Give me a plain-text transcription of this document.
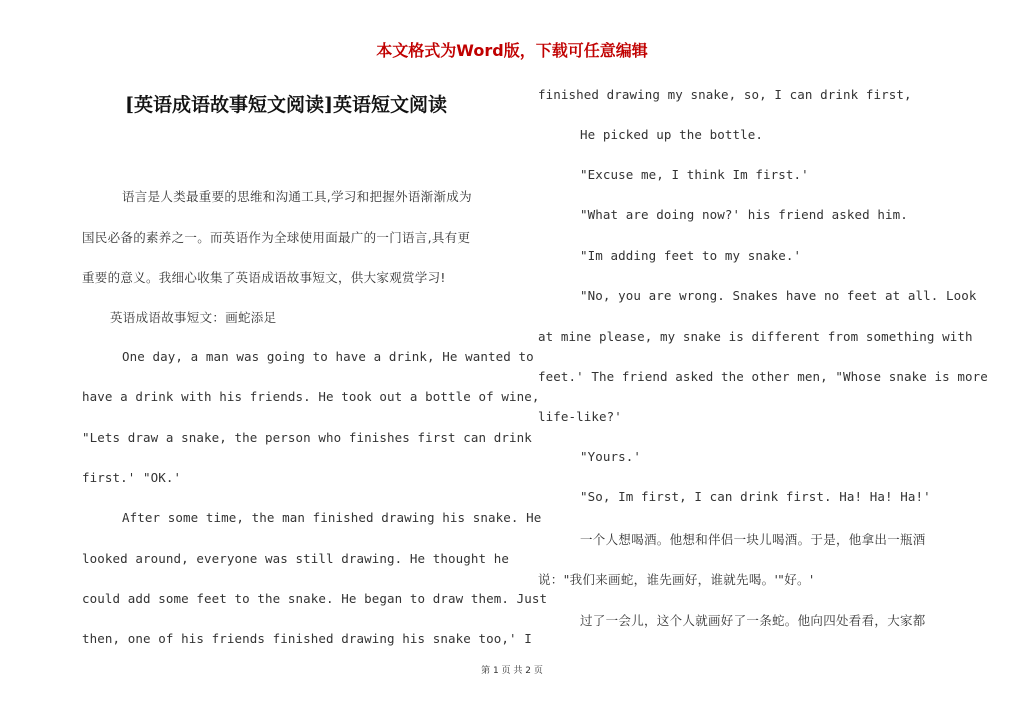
本文格式为Word版，下载可任意编辑
[英语成语故事短文阅读]英语短文阅读
语言是人类最重要的思维和沟通工具,学习和把握外语渐渐成为
国民必备的素养之一。而英语作为全球使用面最广的一门语言,具有更
重要的意义。我细心收集了英语成语故事短文，供大家观赏学习!
英语成语故事短文：画蛇添足
One day, a man was going to have a drink, He wanted to
have a drink with his friends. He took out a bottle of wine,
"Lets draw a snake, the person who finishes first can drink
first.' "OK.'
After some time, the man finished drawing his snake. He
looked around, everyone was still drawing. He thought he
could add some feet to the snake. He began to draw them. Just
then, one of his friends finished drawing his snake too,' I
finished drawing my snake, so, I can drink first,
He picked up the bottle.
"Excuse me, I think Im first.'
"What are doing now?' his friend asked him.
"Im adding feet to my snake.'
"No, you are wrong. Snakes have no feet at all. Look
at mine please, my snake is different from something with
feet.' The friend asked the other men, "Whose snake is more
life-like?'
"Yours.'
"So, Im first, I can drink first. Ha! Ha! Ha!'
一个人想喝酒。他想和伴侣一块儿喝酒。于是，他拿出一瓶酒
说："我们来画蛇，谁先画好，谁就先喝。'"好。'
过了一会儿，这个人就画好了一条蛇。他向四处看看，大家都
第 1 页 共 2 页
